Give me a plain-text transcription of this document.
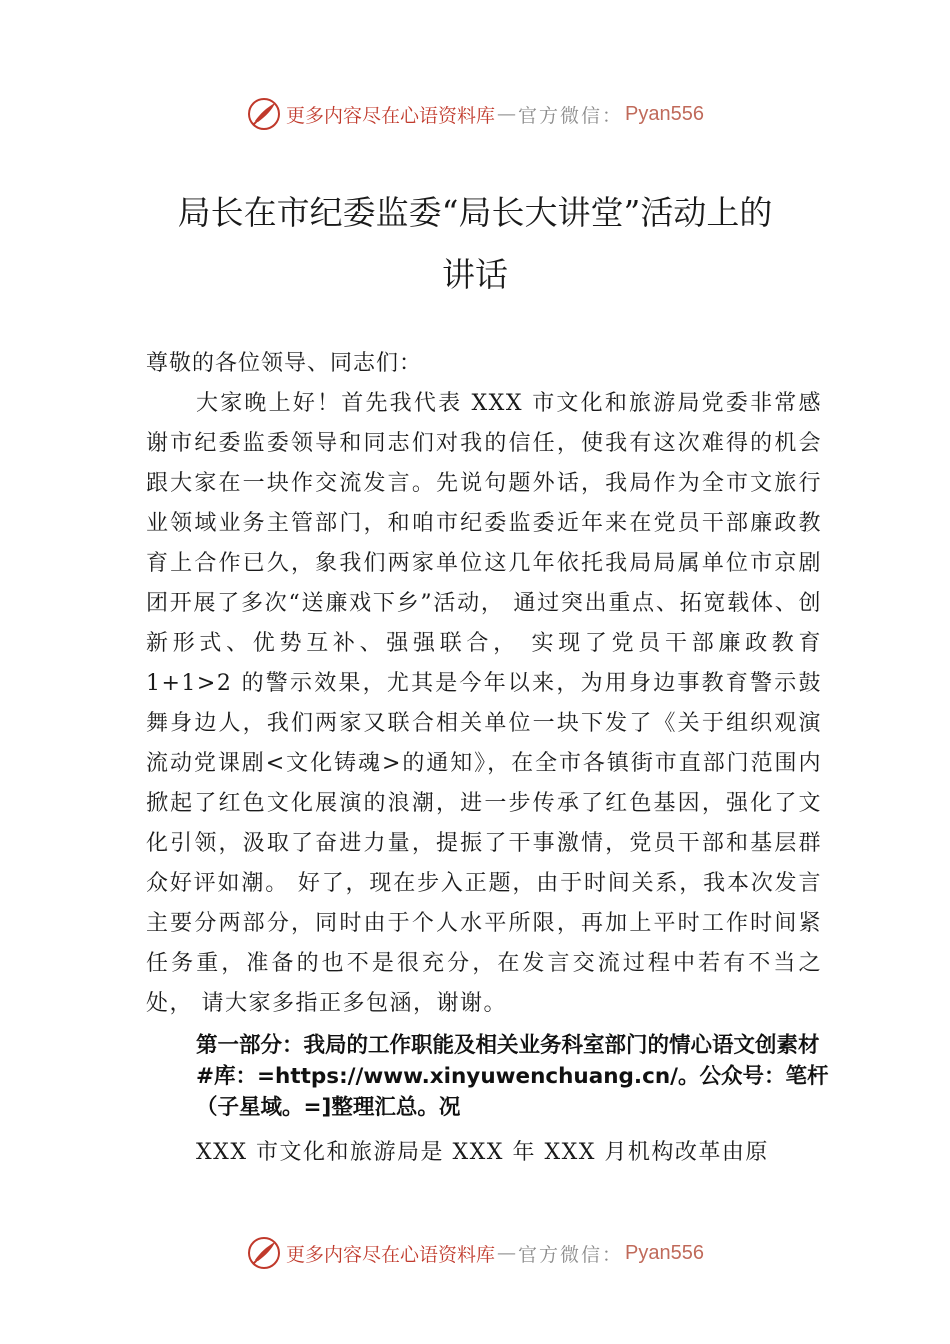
更多内容尽在心语资料库 — 官方微信： Pyan556
局长在市纪委监委“局长大讲堂”活动上的
讲话

尊敬的各位领导、同志们：

大家晚上好！首先我代表 XXX 市文化和旅游局党委非常感谢市纪委监委领导和同志们对我的信任，使我有这次难得的机会跟大家在一块作交流发言。先说句题外话，我局作为全市文旅行业领域业务主管部门，和咱市纪委监委近年来在党员干部廉政教育上合作已久，象我们两家单位这几年依托我局局属单位市京剧团开展了多次“送廉戏下乡”活动， 通过突出重点、拓宽载体、创新形式、优势互补、强强联合， 实现了党员干部廉政教育 1+1>2 的警示效果，尤其是今年以来，为用身边事教育警示鼓舞身边人，我们两家又联合相关单位一块下发了《关于组织观演流动党课剧<文化铸魂>的通知》，在全市各镇街市直部门范围内掀起了红色文化展演的浪潮，进一步传承了红色基因，强化了文化引领，汲取了奋进力量，提振了干事激情，党员干部和基层群众好评如潮。 好了，现在步入正题，由于时间关系，我本次发言主要分两部分，同时由于个人水平所限，再加上平时工作时间紧任务重，准备的也不是很充分，在发言交流过程中若有不当之处， 请大家多指正多包涵，谢谢。

第一部分：我局的工作职能及相关业务科室部门的情心语文创素材#库：=https://www.xinyuwenchuang.cn/。公众号：笔杆（子星域。=]整理汇总。况

XXX 市文化和旅游局是 XXX 年 XXX 月机构改革由原

更多内容尽在心语资料库 — 官方微信： Pyan556
